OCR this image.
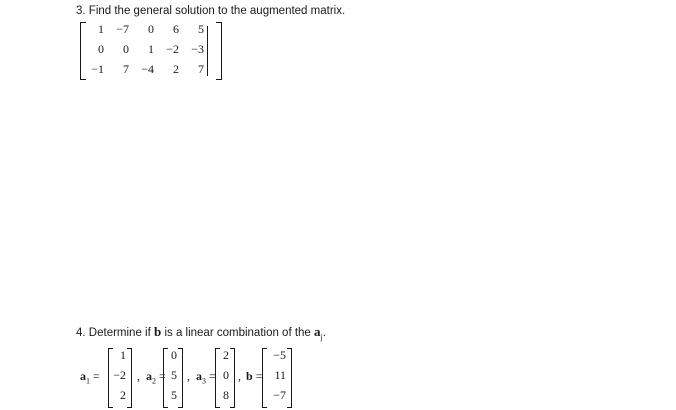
3. Find the general solution to the augmented matrix.
1	−7	0	6	5
0	0	1	−2	−3
−1	7	−4	2	7
4. Determine if b is a linear combination of the $a_j$.
$a_1$ =
1
−2
2
, $a_2$ =
0
5
5
, $a_3$ =
2
0
8
, b =
−5
11
−7
